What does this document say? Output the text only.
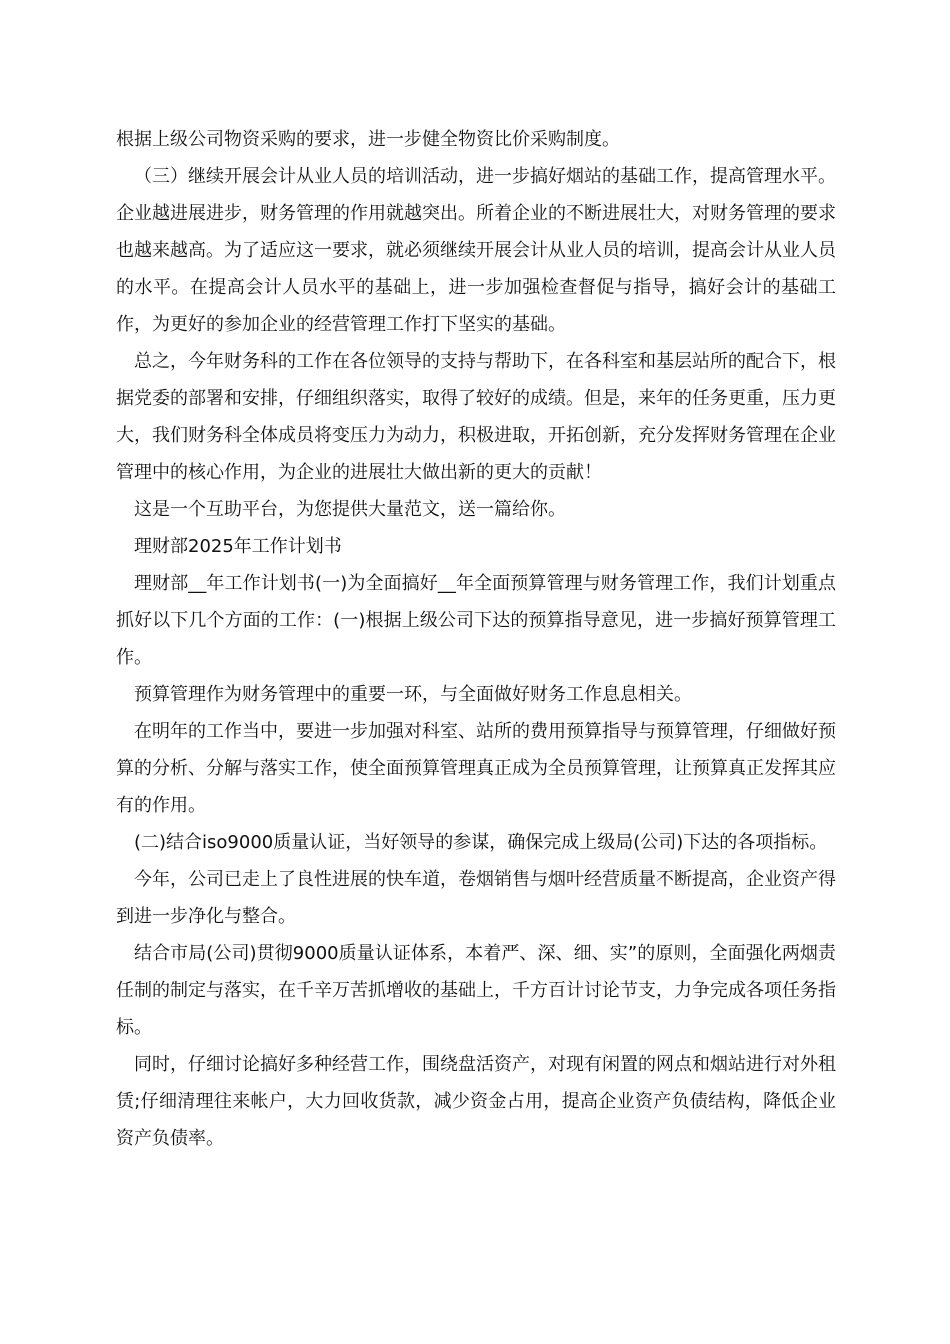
根据上级公司物资采购的要求，进一步健全物资比价采购制度。

（三）继续开展会计从业人员的培训活动，进一步搞好烟站的基础工作，提高管理水平。企业越进展进步，财务管理的作用就越突出。所着企业的不断进展壮大，对财务管理的要求也越来越高。为了适应这一要求，就必须继续开展会计从业人员的培训，提高会计从业人员的水平。在提高会计人员水平的基础上，进一步加强检查督促与指导，搞好会计的基础工作，为更好的参加企业的经营管理工作打下坚实的基础。

总之，今年财务科的工作在各位领导的支持与帮助下，在各科室和基层站所的配合下，根据党委的部署和安排，仔细组织落实，取得了较好的成绩。但是，来年的任务更重，压力更大，我们财务科全体成员将变压力为动力，积极进取，开拓创新，充分发挥财务管理在企业管理中的核心作用，为企业的进展壮大做出新的更大的贡献！

这是一个互助平台，为您提供大量范文，送一篇给你。

理财部2025年工作计划书

理财部__年工作计划书(一)为全面搞好__年全面预算管理与财务管理工作，我们计划重点抓好以下几个方面的工作：(一)根据上级公司下达的预算指导意见，进一步搞好预算管理工作。

预算管理作为财务管理中的重要一环，与全面做好财务工作息息相关。

在明年的工作当中，要进一步加强对科室、站所的费用预算指导与预算管理，仔细做好预算的分析、分解与落实工作，使全面预算管理真正成为全员预算管理，让预算真正发挥其应有的作用。

(二)结合iso9000质量认证，当好领导的参谋，确保完成上级局(公司)下达的各项指标。

今年，公司已走上了良性进展的快车道，卷烟销售与烟叶经营质量不断提高，企业资产得到进一步净化与整合。

结合市局(公司)贯彻9000质量认证体系，本着严、深、细、实”的原则，全面强化两烟责任制的制定与落实，在千辛万苦抓增收的基础上，千方百计讨论节支，力争完成各项任务指标。

同时，仔细讨论搞好多种经营工作，围绕盘活资产，对现有闲置的网点和烟站进行对外租赁;仔细清理往来帐户，大力回收货款，减少资金占用，提高企业资产负债结构，降低企业资产负债率。
